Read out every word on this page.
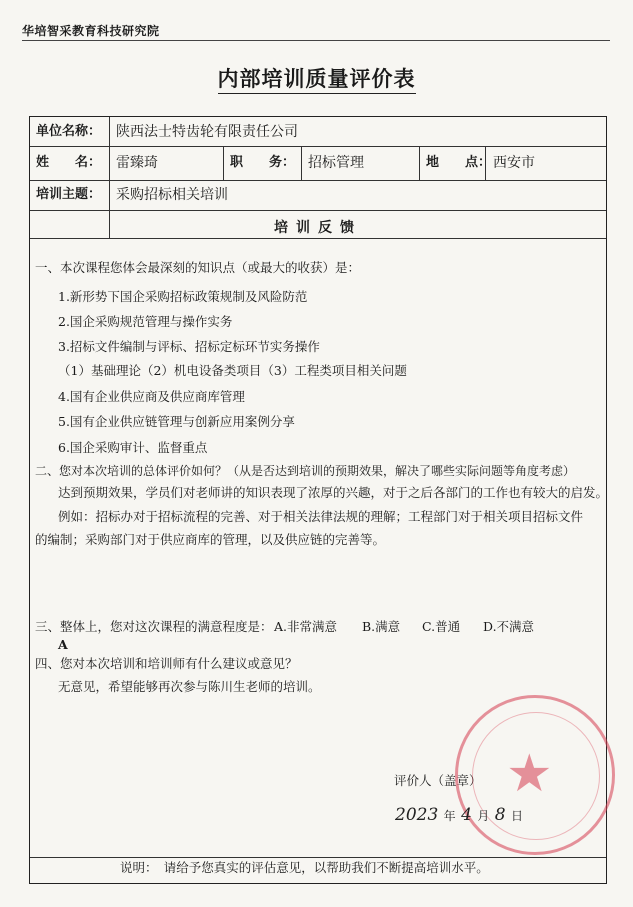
华培智采教育科技研究院
内部培训质量评价表
单位名称： 陕西法士特齿轮有限责任公司
姓　　名： 雷臻琦	职　　务： 招标管理	地　　点： 西安市
培训主题： 采购招标相关培训
培训反馈
一、本次课程您体会最深刻的知识点（或最大的收获）是：
1.新形势下国企采购招标政策规制及风险防范
2.国企采购规范管理与操作实务
3.招标文件编制与评标、招标定标环节实务操作
（1）基础理论（2）机电设备类项目（3）工程类项目相关问题
4.国有企业供应商及供应商库管理
5.国有企业供应链管理与创新应用案例分享
6.国企采购审计、监督重点
二、您对本次培训的总体评价如何？（从是否达到培训的预期效果，解决了哪些实际问题等角度考虑）
达到预期效果，学员们对老师讲的知识表现了浓厚的兴趣，对于之后各部门的工作也有较大的启发。
例如：招标办对于招标流程的完善、对于相关法律法规的理解；工程部门对于相关项目招标文件的编制；采购部门对于供应商库的管理，以及供应链的完善等。
三、整体上，您对这次课程的满意程度是： A.非常满意 B.满意 C.普通 D.不满意
A
四、您对本次培训和培训师有什么建议或意见？
无意见，希望能够再次参与陈川生老师的培训。
评价人（盖章）
说明：　请给予您真实的评估意见，以帮助我们不断提高培训水平。
★
2023 年 4 月 8 日
